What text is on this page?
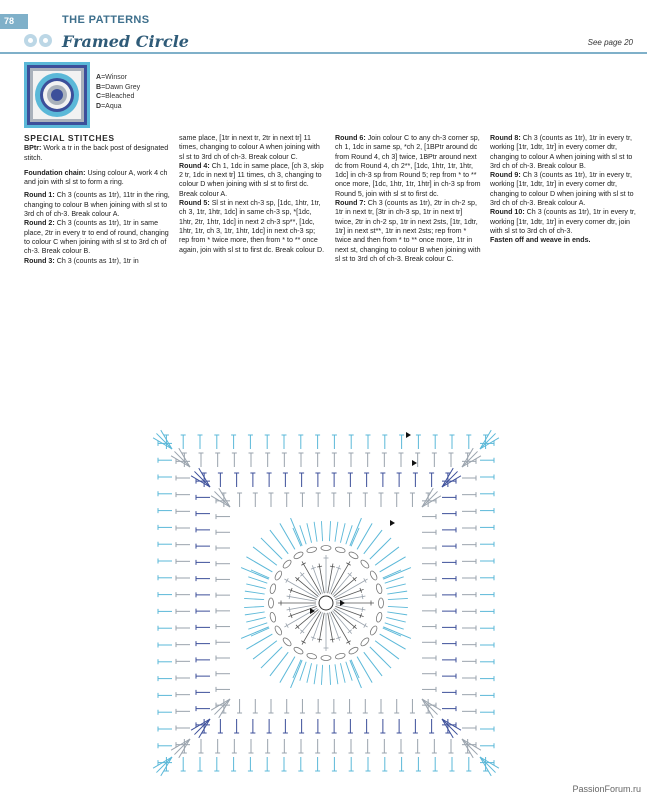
78	THE PATTERNS
Framed Circle	See page 20
A=Winsor
B=Dawn Grey
C=Bleached
D=Aqua
SPECIAL STITCHES

BPtr: Work a tr in the back post of designated stitch.

Foundation chain: Using colour A, work 4 ch and join with sl st to form a ring.

Round 1: Ch 3 (counts as 1tr), 11tr in the ring, changing to colour B when joining with sl st to 3rd ch of ch-3. Break colour A.

Round 2: Ch 3 (counts as 1tr), 1tr in same place, 2tr in every tr to end of round, changing to colour C when joining with sl st to 3rd ch of ch-3. Break colour B.

Round 3: Ch 3 (counts as 1tr), 1tr in

same place, [1tr in next tr, 2tr in next tr] 11 times, changing to colour A when joining with sl st to 3rd ch of ch-3. Break colour C.

Round 4: Ch 1, 1dc in same place, [ch 3, skip 2 tr, 1dc in next tr] 11 times, ch 3, changing to colour D when joining with sl st to first dc. Break colour A.

Round 5: Sl st in next ch-3 sp, [1dc, 1htr, 1tr, ch 3, 1tr, 1htr, 1dc] in same ch-3 sp, *[1dc, 1htr, 2tr, 1htr, 1dc] in next 2 ch-3 sp**, [1dc, 1htr, 1tr, ch 3, 1tr, 1htr, 1dc] in next ch-3 sp; rep from * twice more, then from * to ** once again, join with sl st to first dc. Break colour D.

Round 6: Join colour C to any ch-3 corner sp, ch 1, 1dc in same sp, *ch 2, [1BPtr around dc from Round 4, ch 3] twice, 1BPtr around next dc from Round 4, ch 2**, [1dc, 1htr, 1tr, 1htr, 1dc] in ch-3 sp from Round 5; rep from * to ** once more, [1dc, 1htr, 1tr, 1htr] in ch-3 sp from Round 5, join with sl st to first dc.

Round 7: Ch 3 (counts as 1tr), 2tr in ch-2 sp, 1tr in next tr, [3tr in ch-3 sp, 1tr in next tr] twice, 2tr in ch-2 sp, 1tr in next 2sts, [1tr, 1dtr, 1tr] in next st**, 1tr in next 2sts; rep from * twice and then from * to ** once more, 1tr in next st, changing to colour B when joining with sl st to 3rd ch of ch-3. Break colour C.

Round 8: Ch 3 (counts as 1tr), 1tr in every tr, working [1tr, 1dtr, 1tr] in every corner dtr, changing to colour A when joining with sl st to 3rd ch of ch-3. Break colour B.

Round 9: Ch 3 (counts as 1tr), 1tr in every tr, working [1tr, 1dtr, 1tr] in every corner dtr, changing to colour D when joining with sl st to 3rd ch of ch-3. Break colour A.

Round 10: Ch 3 (counts as 1tr), 1tr in every tr, working [1tr, 1dtr, 1tr] in every corner dtr, join with sl st to 3rd ch of ch-3.

Fasten off and weave in ends.

PassionForum.ru
